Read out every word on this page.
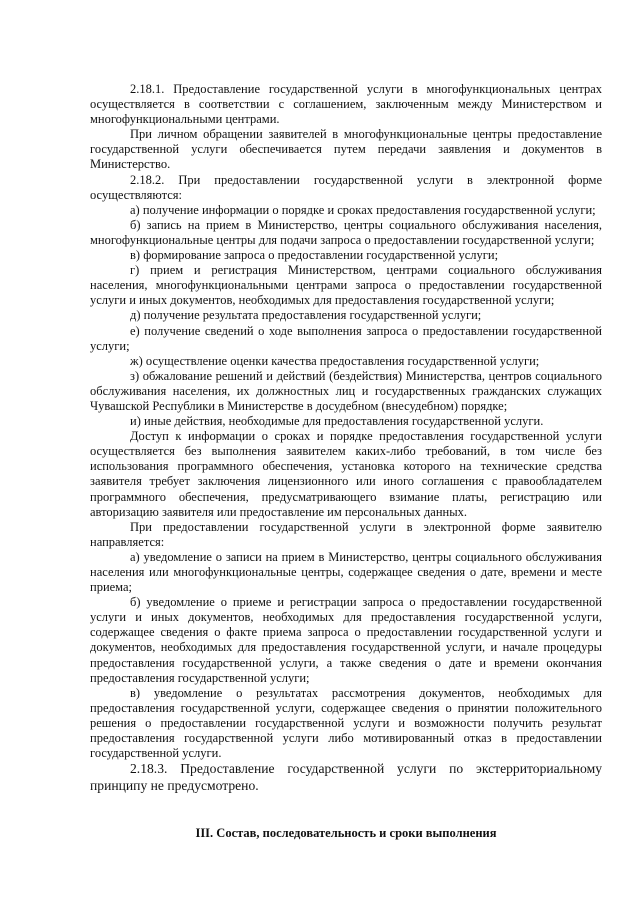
2.18.1. Предоставление государственной услуги в многофункциональных центрах осуществляется в соответствии с соглашением, заключенным между Министерством и многофункциональными центрами.

При личном обращении заявителей в многофункциональные центры предоставление государственной услуги обеспечивается путем передачи заявления и документов в Министерство.

2.18.2. При предоставлении государственной услуги в электронной форме осуществляются:

а) получение информации о порядке и сроках предоставления государственной услуги;

б) запись на прием в Министерство, центры социального обслуживания населения, многофункциональные центры для подачи запроса о предоставлении государственной услуги;

в) формирование запроса о предоставлении государственной услуги;

г) прием и регистрация Министерством, центрами социального обслуживания населения, многофункциональными центрами запроса о предоставлении государственной услуги и иных документов, необходимых для предоставления государственной услуги;

д) получение результата предоставления государственной услуги;

е) получение сведений о ходе выполнения запроса о предоставлении государственной услуги;

ж) осуществление оценки качества предоставления государственной услуги;

з) обжалование решений и действий (бездействия) Министерства, центров социального обслуживания населения, их должностных лиц и государственных гражданских служащих Чувашской Республики в Министерстве в досудебном (внесудебном) порядке;

и) иные действия, необходимые для предоставления государственной услуги.

Доступ к информации о сроках и порядке предоставления государственной услуги осуществляется без выполнения заявителем каких-либо требований, в том числе без использования программного обеспечения, установка которого на технические средства заявителя требует заключения лицензионного или иного соглашения с правообладателем программного обеспечения, предусматривающего взимание платы, регистрацию или авторизацию заявителя или предоставление им персональных данных.

При предоставлении государственной услуги в электронной форме заявителю направляется:

а) уведомление о записи на прием в Министерство, центры социального обслуживания населения или многофункциональные центры, содержащее сведения о дате, времени и месте приема;

б) уведомление о приеме и регистрации запроса о предоставлении государственной услуги и иных документов, необходимых для предоставления государственной услуги, содержащее сведения о факте приема запроса о предоставлении государственной услуги и документов, необходимых для предоставления государственной услуги, и начале процедуры предоставления государственной услуги, а также сведения о дате и времени окончания предоставления государственной услуги;

в) уведомление о результатах рассмотрения документов, необходимых для предоставления государственной услуги, содержащее сведения о принятии положительного решения о предоставлении государственной услуги и возможности получить результат предоставления государственной услуги либо мотивированный отказ в предоставлении государственной услуги.

2.18.3. Предоставление государственной услуги по экстерриториальному принципу не предусмотрено.

III. Состав, последовательность и сроки выполнения
